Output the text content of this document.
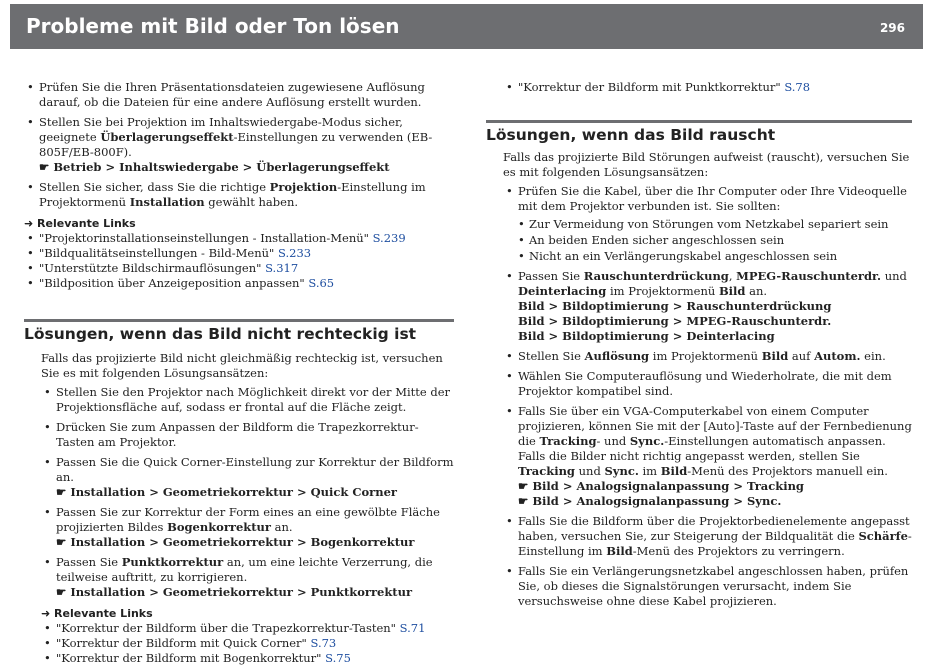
Probleme mit Bild oder Ton lösen	296
• Prüfen Sie die Ihren Präsentationsdateien zugewiesene Auflösung darauf, ob die Dateien für eine andere Auflösung erstellt wurden.
• Stellen Sie bei Projektion im Inhaltswiedergabe-Modus sicher, geeignete Überlagerungseffekt-Einstellungen zu verwenden (EB-805F/EB-800F).
☛ Betrieb > Inhaltswiedergabe > Überlagerungseffekt
• Stellen Sie sicher, dass Sie die richtige Projektion-Einstellung im Projektormenü Installation gewählt haben.
➜ Relevante Links
• "Projektorinstallationseinstellungen - Installation-Menü" S.239
• "Bildqualitätseinstellungen - Bild-Menü" S.233
• "Unterstützte Bildschirmauflösungen" S.317
• "Bildposition über Anzeigeposition anpassen" S.65
Lösungen, wenn das Bild nicht rechteckig ist

Falls das projizierte Bild nicht gleichmäßig rechteckig ist, versuchen Sie es mit folgenden Lösungsansätzen:

• Stellen Sie den Projektor nach Möglichkeit direkt vor der Mitte der Projektionsfläche auf, sodass er frontal auf die Fläche zeigt.
• Drücken Sie zum Anpassen der Bildform die Trapezkorrektur-Tasten am Projektor.
• Passen Sie die Quick Corner-Einstellung zur Korrektur der Bildform an.
☛ Installation > Geometriekorrektur > Quick Corner
• Passen Sie zur Korrektur der Form eines an eine gewölbte Fläche projizierten Bildes Bogenkorrektur an.
☛ Installation > Geometriekorrektur > Bogenkorrektur
• Passen Sie Punktkorrektur an, um eine leichte Verzerrung, die teilweise auftritt, zu korrigieren.
☛ Installation > Geometriekorrektur > Punktkorrektur
➜ Relevante Links
• "Korrektur der Bildform über die Trapezkorrektur-Tasten" S.71
• "Korrektur der Bildform mit Quick Corner" S.73
• "Korrektur der Bildform mit Bogenkorrektur" S.75
• "Korrektur der Bildform mit Punktkorrektur" S.78
Lösungen, wenn das Bild rauscht

Falls das projizierte Bild Störungen aufweist (rauscht), versuchen Sie es mit folgenden Lösungsansätzen:

• Prüfen Sie die Kabel, über die Ihr Computer oder Ihre Videoquelle mit dem Projektor verbunden ist. Sie sollten:
• Zur Vermeidung von Störungen vom Netzkabel separiert sein
• An beiden Enden sicher angeschlossen sein
• Nicht an ein Verlängerungskabel angeschlossen sein
• Passen Sie Rauschunterdrückung, MPEG-Rauschunterdr. und Deinterlacing im Projektormenü Bild an.
Bild > Bildoptimierung > Rauschunterdrückung
Bild > Bildoptimierung > MPEG-Rauschunterdr.
Bild > Bildoptimierung > Deinterlacing
• Stellen Sie Auflösung im Projektormenü Bild auf Autom. ein.
• Wählen Sie Computerauflösung und Wiederholrate, die mit dem Projektor kompatibel sind.
• Falls Sie über ein VGA-Computerkabel von einem Computer projizieren, können Sie mit der [Auto]-Taste auf der Fernbedienung die Tracking- und Sync.-Einstellungen automatisch anpassen. Falls die Bilder nicht richtig angepasst werden, stellen Sie Tracking und Sync. im Bild-Menü des Projektors manuell ein.
☛ Bild > Analogsignalanpassung > Tracking
☛ Bild > Analogsignalanpassung > Sync.
• Falls Sie die Bildform über die Projektorbedienelemente angepasst haben, versuchen Sie, zur Steigerung der Bildqualität die Schärfe-Einstellung im Bild-Menü des Projektors zu verringern.
• Falls Sie ein Verlängerungsnetzkabel angeschlossen haben, prüfen Sie, ob dieses die Signalstörungen verursacht, indem Sie versuchsweise ohne diese Kabel projizieren.
